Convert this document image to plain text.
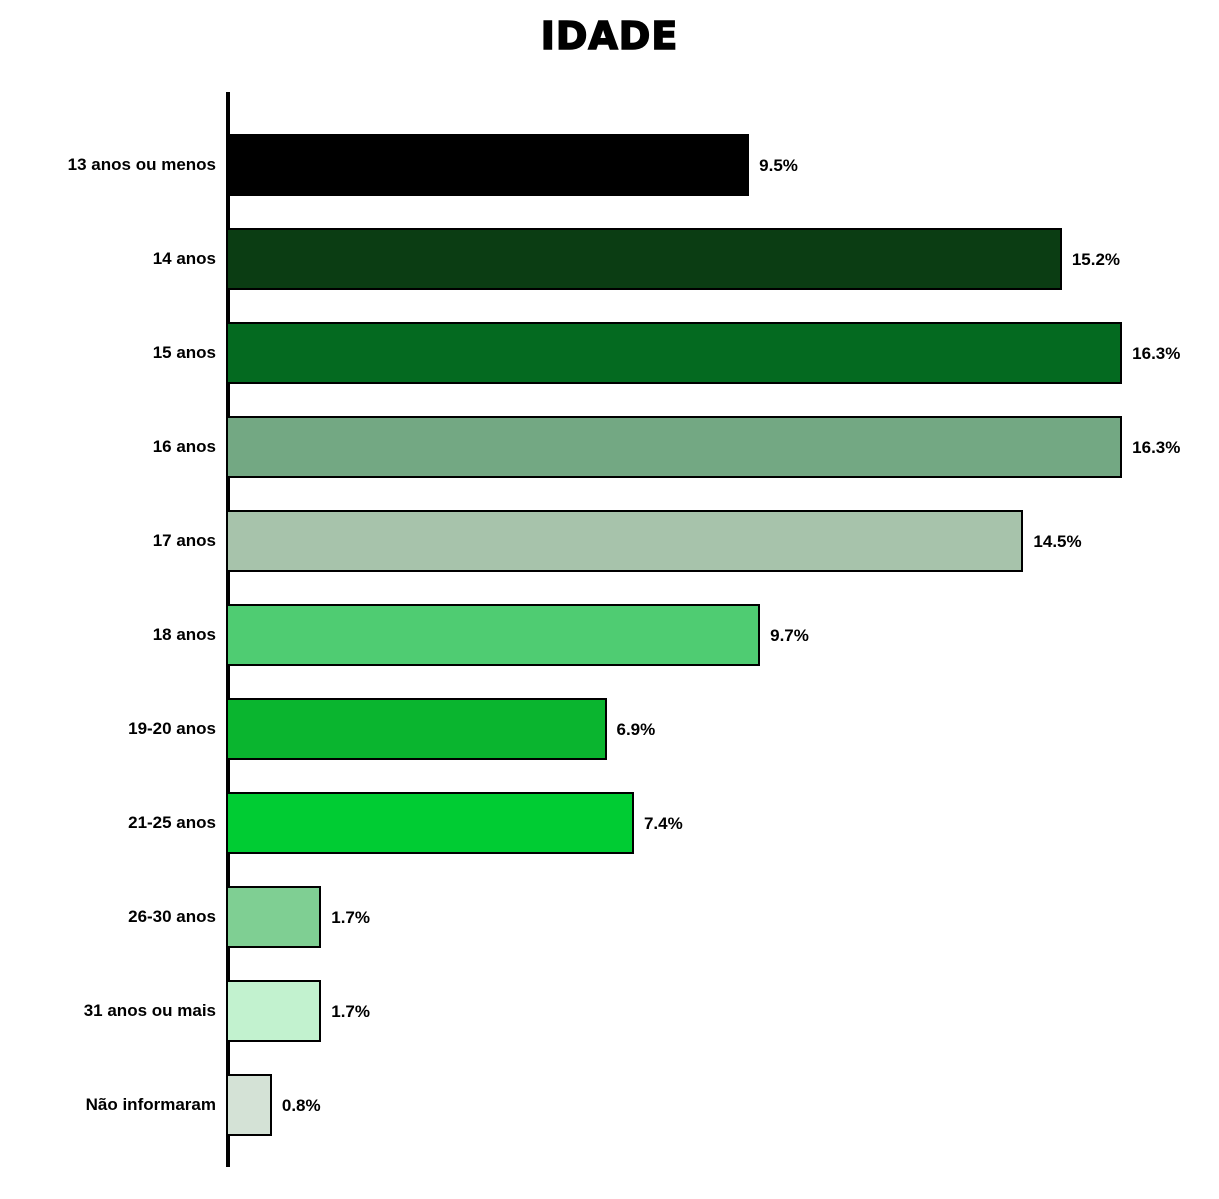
IDADE
9.5%
15.2%
16.3%
16.3%
14.5%
9.7%
6.9%
7.4%
1.7%
1.7%
0.8%
13 anos ou menos
14 anos
15 anos
16 anos
17 anos
18 anos
19-20 anos
21-25 anos
26-30 anos
31 anos ou mais
Não informaram
